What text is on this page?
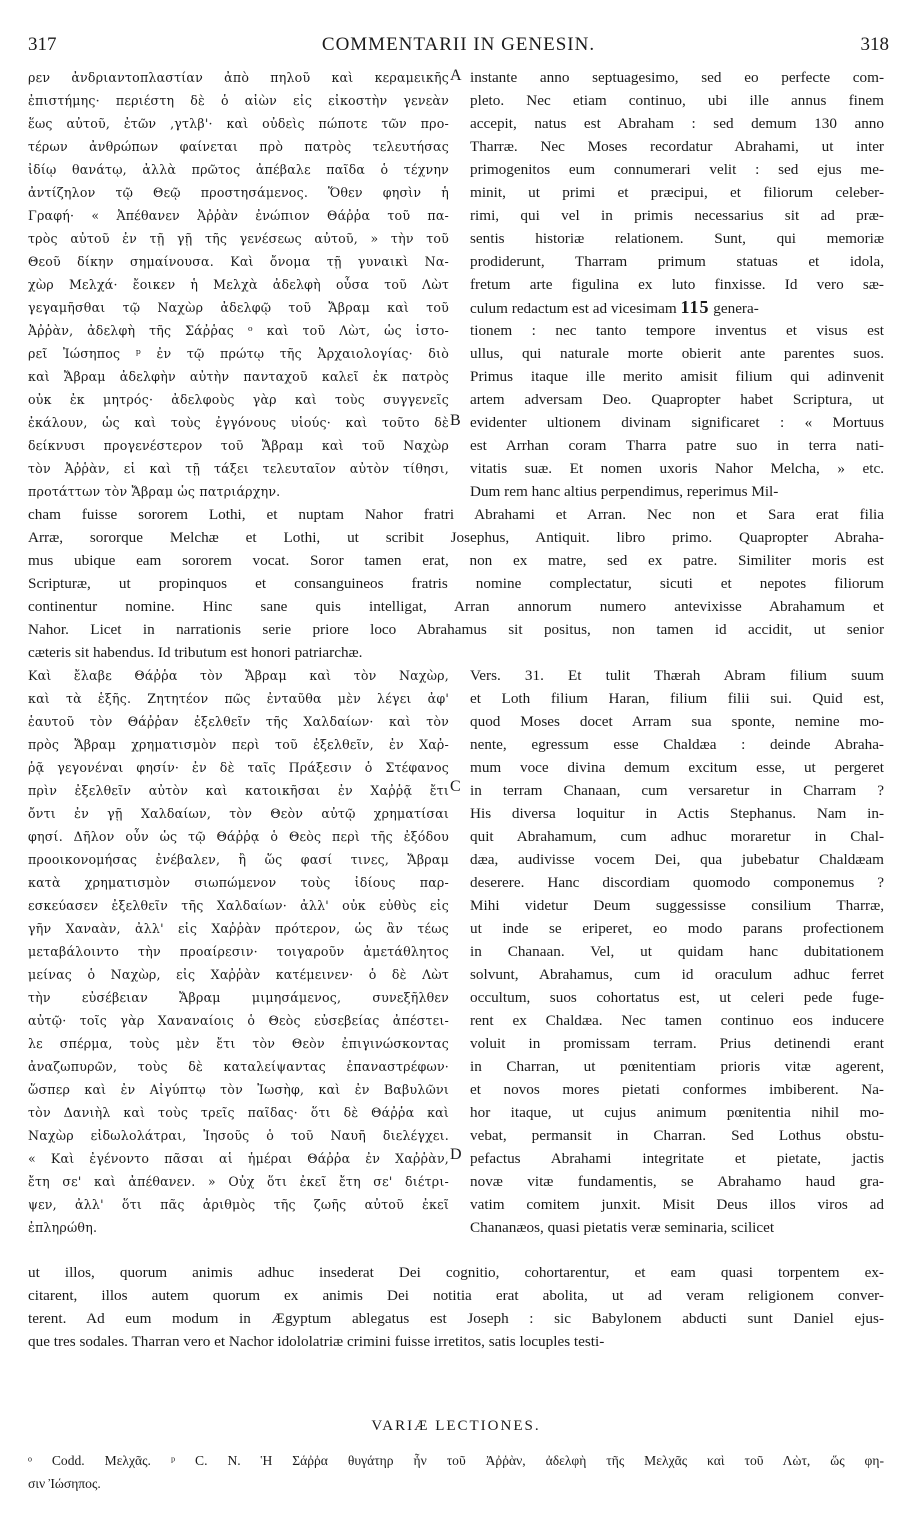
317	COMMENTARII IN GENESIN.	318
ρεν ἀνδριαντοπλαστίαν ἀπὸ πηλοῦ καὶ κεραμεικῆς
ἐπιστήμης· περιέστη δὲ ὁ αἰὼν εἰς εἰκοστὴν γενεὰν
ἕως αὐτοῦ, ἐτῶν ,γτλβ'· καὶ οὐδεὶς πώποτε τῶν προ-
τέρων ἀνθρώπων φαίνεται πρὸ πατρὸς τελευτήσας
ἰδίῳ θανάτῳ, ἀλλὰ πρῶτος ἀπέβαλε παῖδα ὁ τέχνην
ἀντίζηλον τῷ Θεῷ προστησάμενος. Ὅθεν φησὶν ἡ
Γραφή· « Ἀπέθανεν Ἀῤῥὰν ἐνώπιον Θάῤῥα τοῦ πα-
τρὸς αὐτοῦ ἐν τῇ γῇ τῆς γενέσεως αὐτοῦ, » τὴν τοῦ
Θεοῦ δίκην σημαίνουσα. Καὶ ὄνομα τῇ γυναικὶ Να-
χὼρ Μελχά· ἔοικεν ἡ Μελχὰ ἀδελφὴ οὖσα τοῦ Λὼτ
γεγαμῆσθαι τῷ Ναχὼρ ἀδελφῷ τοῦ Ἄβραμ καὶ τοῦ
Ἀῤῥὰν, ἀδελφὴ τῆς Σάῤῥας ᵒ καὶ τοῦ Λὼτ, ὡς ἱστο-
ρεῖ Ἰώσηπος ᵖ ἐν τῷ πρώτῳ τῆς Ἀρχαιολογίας· διὸ
καὶ Ἄβραμ ἀδελφὴν αὐτὴν πανταχοῦ καλεῖ ἐκ πατρὸς
οὐκ ἐκ μητρός· ἀδελφοὺς γὰρ καὶ τοὺς συγγενεῖς
ἐκάλουν, ὡς καὶ τοὺς ἐγγόνους υἱούς· καὶ τοῦτο δὲ
δείκνυσι προγενέστερον τοῦ Ἄβραμ καὶ τοῦ Ναχὼρ
τὸν Ἀῤῥὰν, εἰ καὶ τῇ τάξει τελευταῖον αὐτὸν τίθησι,
προτάττων τὸν Ἄβραμ ὡς πατριάρχην.
instante anno septuagesimo, sed eo perfecte com-
pleto. Nec etiam continuo, ubi ille annus finem
accepit, natus est Abraham : sed demum 130 anno
Tharræ. Nec Moses recordatur Abrahami, ut inter
primogenitos eum connumerari velit : sed ejus me-
minit, ut primi et præcipui, et filiorum celeber-
rimi, qui vel in primis necessarius sit ad præ-
sentis historiæ relationem. Sunt, qui memoriæ
prodiderunt, Tharram primum statuas et idola,
fretum arte figulina ex luto finxisse. Id vero sæ-
culum redactum est ad vicesimam 115 genera-
tionem : nec tanto tempore inventus et visus est
ullus, qui naturale morte obierit ante parentes suos.
Primus itaque ille merito amisit filium qui adinvenit
artem adversam Deo. Quapropter habet Scriptura, ut
evidenter ultionem divinam significaret : « Mortuus
est Arrhan coram Tharra patre suo in terra nati-
vitatis suæ. Et nomen uxoris Nahor Melcha, » etc.
Dum rem hanc altius perpendimus, reperimus Mil-
A
B
cham fuisse sororem Lothi, et nuptam Nahor fratri Abrahami et Arran. Nec non et Sara erat filia
Arræ, sororque Melchæ et Lothi, ut scribit Josephus, Antiquit. libro primo. Quapropter Abraha-
mus ubique eam sororem vocat. Soror tamen erat, non ex matre, sed ex patre. Similiter moris est
Scripturæ, ut propinquos et consanguineos fratris nomine complectatur, sicuti et nepotes filiorum
continentur nomine. Hinc sane quis intelligat, Arran annorum numero antevixisse Abrahamum et
Nahor. Licet in narrationis serie priore loco Abrahamus sit positus, non tamen id accidit, ut senior
cæteris sit habendus. Id tributum est honori patriarchæ.
Καὶ ἔλαβε Θάῤῥα τὸν Ἄβραμ καὶ τὸν Ναχὼρ,
καὶ τὰ ἑξῆς. Ζητητέον πῶς ἐνταῦθα μὲν λέγει ἀφ'
ἑαυτοῦ τὸν Θάῤῥαν ἐξελθεῖν τῆς Χαλδαίων· καὶ τὸν
πρὸς Ἄβραμ χρηματισμὸν περὶ τοῦ ἐξελθεῖν, ἐν Χαῤ-
ῥᾷ γεγονέναι φησίν· ἐν δὲ ταῖς Πράξεσιν ὁ Στέφανος
πρὶν ἐξελθεῖν αὐτὸν καὶ κατοικῆσαι ἐν Χαῤῥᾷ ἔτι
ὄντι ἐν γῇ Χαλδαίων, τὸν Θεὸν αὐτῷ χρηματίσαι
φησί. Δῆλον οὖν ὡς τῷ Θάῤῥᾳ ὁ Θεὸς περὶ τῆς ἐξόδου
προοικονομήσας ἐνέβαλεν, ἢ ὥς φασί τινες, Ἄβραμ
κατὰ χρηματισμὸν σιωπώμενον τοὺς ἰδίους παρ-
εσκεύασεν ἐξελθεῖν τῆς Χαλδαίων· ἀλλ' οὐκ εὐθὺς εἰς
γῆν Χαναὰν, ἀλλ' εἰς Χαῤῥὰν πρότερον, ὡς ἂν τέως
μεταβάλοιντο τὴν προαίρεσιν· τοιγαροῦν ἀμετάθλητος
μείνας ὁ Ναχὼρ, εἰς Χαῤῥὰν κατέμεινεν· ὁ δὲ Λὼτ
τὴν εὐσέβειαν Ἄβραμ μιμησάμενος, συνεξῆλθεν
αὐτῷ· τοῖς γὰρ Χαναναίοις ὁ Θεὸς εὐσεβείας ἀπέστει-
λε σπέρμα, τοὺς μὲν ἔτι τὸν Θεὸν ἐπιγινώσκοντας
ἀναζωπυρῶν, τοὺς δὲ καταλείψαντας ἐπαναστρέφων·
ὥσπερ καὶ ἐν Αἰγύπτῳ τὸν Ἰωσὴφ, καὶ ἐν Βαβυλῶνι
τὸν Δανιὴλ καὶ τοὺς τρεῖς παῖδας· ὅτι δὲ Θάῤῥα καὶ
Ναχὼρ εἰδωλολάτραι, Ἰησοῦς ὁ τοῦ Ναυῆ διελέγχει.
« Καὶ ἐγένοντο πᾶσαι αἱ ἡμέραι Θάῤῥα ἐν Χαῤῥὰν,
ἔτη σε' καὶ ἀπέθανεν. » Οὐχ ὅτι ἐκεῖ ἔτη σε' διέτρι-
ψεν, ἀλλ' ὅτι πᾶς ἀριθμὸς τῆς ζωῆς αὐτοῦ ἐκεῖ
ἐπληρώθη.
Vers. 31. Et tulit Thærah Abram filium suum
et Loth filium Haran, filium filii sui. Quid est,
quod Moses docet Arram sua sponte, nemine mo-
nente, egressum esse Chaldæa : deinde Abraha-
mum voce divina demum excitum esse, ut pergeret
in terram Chanaan, cum versaretur in Charram ?
His diversa loquitur in Actis Stephanus. Nam in-
quit Abrahamum, cum adhuc moraretur in Chal-
dæa, audivisse vocem Dei, qua jubebatur Chaldæam
deserere. Hanc discordiam quomodo componemus ?
Mihi videtur Deum suggessisse consilium Tharræ,
ut inde se eriperet, eo modo parans profectionem
in Chanaan. Vel, ut quidam hanc dubitationem
solvunt, Abrahamus, cum id oraculum adhuc ferret
occultum, suos cohortatus est, ut celeri pede fuge-
rent ex Chaldæa. Nec tamen continuo eos inducere
voluit in promissam terram. Prius detinendi erant
in Charran, ut pœnitentiam prioris vitæ agerent,
et novos mores pietati conformes imbiberent. Na-
hor itaque, ut cujus animum pœnitentia nihil mo-
vebat, permansit in Charran. Sed Lothus obstu-
pefactus Abrahami integritate et pietate, jactis
novæ vitæ fundamentis, se Abrahamo haud gra-
vatim comitem junxit. Misit Deus illos viros ad
Chananæos, quasi pietatis veræ seminaria, scilicet
C
D
ut illos, quorum animis adhuc insederat Dei cognitio, cohortarentur, et eam quasi torpentem ex-
citarent, illos autem quorum ex animis Dei notitia erat abolita, ut ad veram religionem conver-
terent. Ad eum modum in Ægyptum ablegatus est Joseph : sic Babylonem abducti sunt Daniel ejus-
que tres sodales. Tharran vero et Nachor idololatriæ crimini fuisse irretitos, satis locuples testi-
VARIÆ LECTIONES.
ᵒ Codd. Μελχᾶς. ᵖ C. N. Ἡ Σάῤῥα θυγάτηρ ἦν τοῦ Ἀῤῥὰν, ἀδελφὴ τῆς Μελχᾶς καὶ τοῦ Λὼτ, ὥς φη-
σιν Ἰώσηπος.
